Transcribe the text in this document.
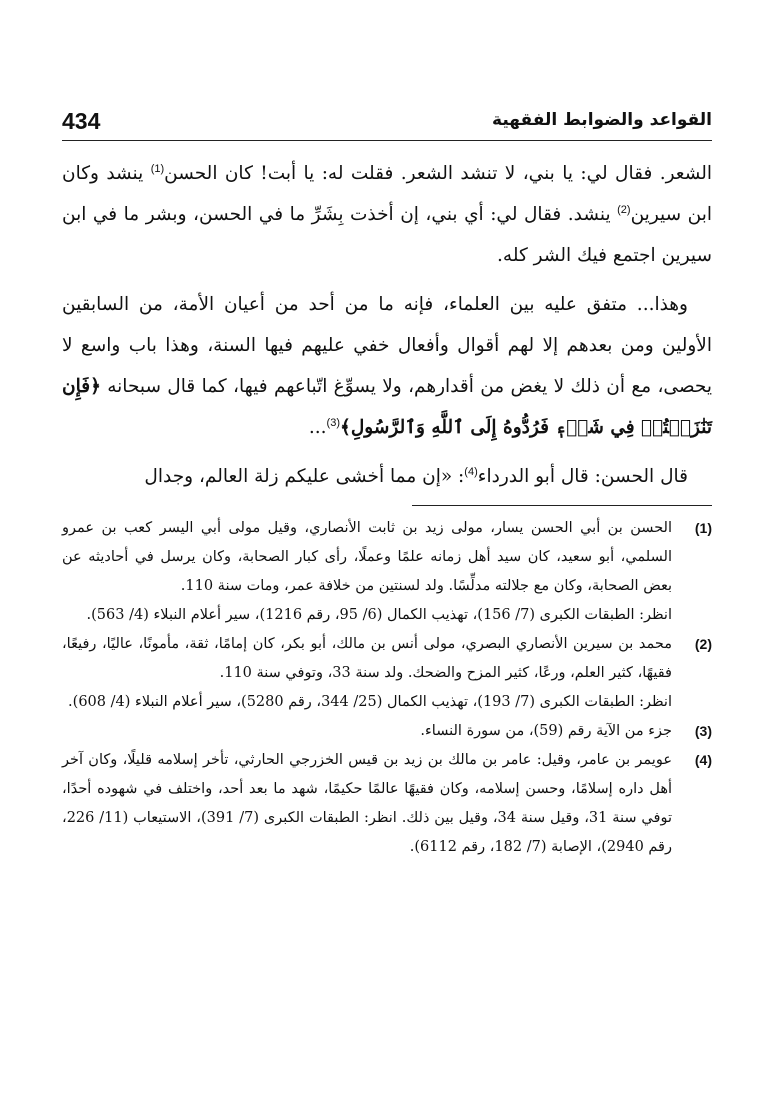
434	القواعد والضوابط الفقهية

الشعر. فقال لي: يا بني، لا تنشد الشعر. فقلت له: يا أبت! كان الحسن$^{(1)}$ ينشد وكان ابن سيرين$^{(2)}$ ينشد. فقال لي: أي بني، إن أخذت بِشَرِّ ما في الحسن، وبشر ما في ابن سيرين اجتمع فيك الشر كله.

وهذا... متفق عليه بين العلماء، فإنه ما من أحد من أعيان الأمة، من السابقين الأولين ومن بعدهم إلا لهم أقوال وأفعال خفي عليهم فيها السنة، وهذا باب واسع لا يحصى، مع أن ذلك لا يغض من أقدارهم، ولا يسوِّغ اتّباعهم فيها، كما قال سبحانه ﴿فَإِن تَنَٰزَعۡتُمۡ فِي شَيۡءٖ فَرُدُّوهُ إِلَى ٱللَّهِ وَٱلرَّسُولِ﴾$^{(3)}$...

قال الحسن: قال أبو الدرداء$^{(4)}$: «إن مما أخشى عليكم زلة العالم، وجدال

(1)
الحسن بن أبي الحسن يسار، مولى زيد بن ثابت الأنصاري، وقيل مولى أبي اليسر كعب بن عمرو السلمي، أبو سعيد، كان سيد أهل زمانه علمًا وعملًا، رأى كبار الصحابة، وكان يرسل في أحاديثه عن بعض الصحابة، وكان مع جلالته مدلِّسًا. ولد لسنتين من خلافة عمر، ومات سنة 110.
انظر: الطبقات الكبرى (7/ 156)، تهذيب الكمال (6/ 95، رقم 1216)، سير أعلام النبلاء (4/ 563).
(2)
محمد بن سيرين الأنصاري البصري، مولى أنس بن مالك، أبو بكر، كان إمامًا، ثقة، مأمونًا، عاليًا، رفيعًا، فقيهًا، كثير العلم، ورعًا، كثير المزح والضحك. ولد سنة 33، وتوفي سنة 110.
انظر: الطبقات الكبرى (7/ 193)، تهذيب الكمال (25/ 344، رقم 5280)، سير أعلام النبلاء (4/ 608).
(3)
جزء من الآية رقم (59)، من سورة النساء.
(4)
عويمر بن عامر، وقيل: عامر بن مالك بن زيد بن قيس الخزرجي الحارثي، تأخر إسلامه قليلًا، وكان آخر أهل داره إسلامًا، وحسن إسلامه، وكان فقيهًا عالمًا حكيمًا، شهد ما بعد أحد، واختلف في شهوده أحدًا، توفي سنة 31، وقيل سنة 34، وقيل بين ذلك. انظر: الطبقات الكبرى (7/ 391)، الاستيعاب (11/ 226، رقم 2940)، الإصابة (7/ 182، رقم 6112).
